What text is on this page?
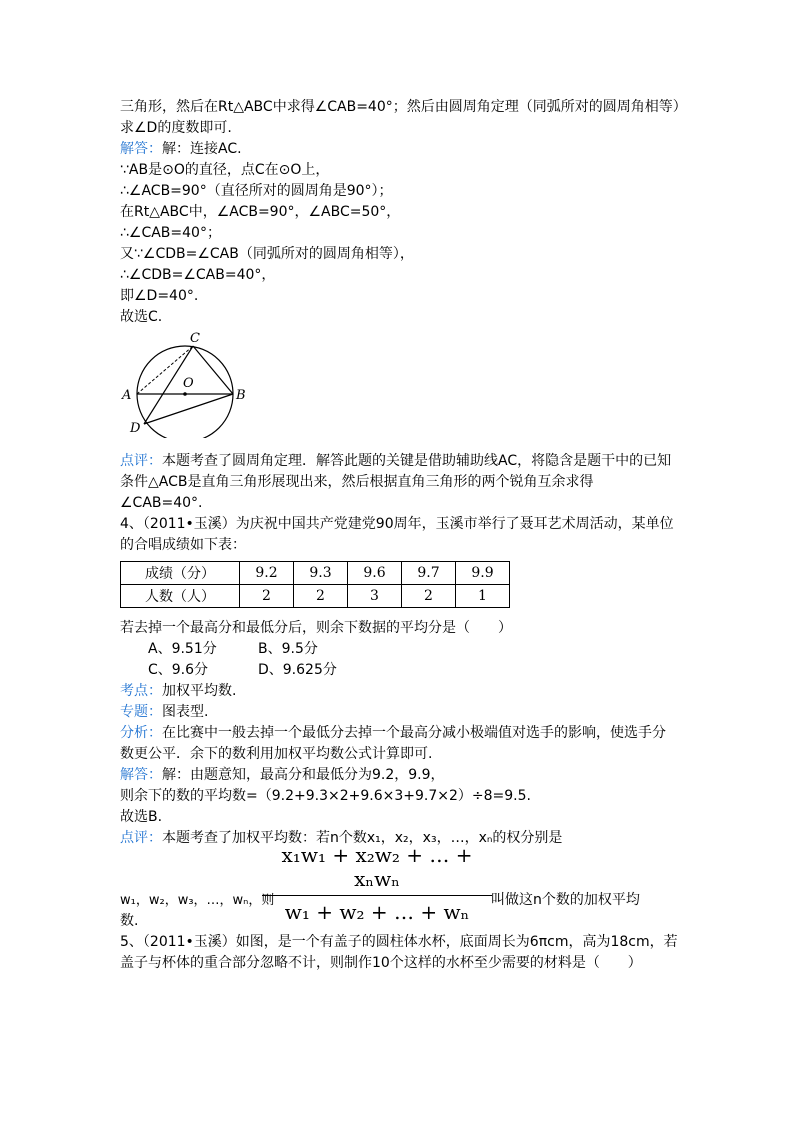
三角形，然后在Rt△ABC中求得∠CAB=40°；然后由圆周角定理（同弧所对的圆周角相等）
求∠D的度数即可.
解答：解：连接AC.
∵AB是⊙O的直径，点C在⊙O上，
∴∠ACB=90°（直径所对的圆周角是90°）；
在Rt△ABC中，∠ACB=90°，∠ABC=50°，
∴∠CAB=40°；
又∵∠CDB=∠CAB（同弧所对的圆周角相等），
∴∠CDB=∠CAB=40°，
即∠D=40°.
故选C.
C
A	B
O
D
点评：本题考查了圆周角定理．解答此题的关键是借助辅助线AC，将隐含是题干中的已知
条件△ACB是直角三角形展现出来，然后根据直角三角形的两个锐角互余求得
∠CAB=40°.
4、（2011•玉溪）为庆祝中国共产党建党90周年，玉溪市举行了聂耳艺术周活动，某单位
的合唱成绩如下表：
成绩（分）	9.2	9.3	9.6	9.7	9.9
人数（人）	2	2	3	2	1
若去掉一个最高分和最低分后，则余下数据的平均分是（　　）
A、9.51分	B、9.5分
C、9.6分	D、9.625分
考点：加权平均数.
专题：图表型.
分析：在比赛中一般去掉一个最低分去掉一个最高分减小极端值对选手的影响，使选手分
数更公平．余下的数利用加权平均数公式计算即可.
解答：解：由题意知，最高分和最低分为9.2，9.9，
则余下的数的平均数=（9.2+9.3×2+9.6×3+9.7×2）÷8=9.5.
故选B.
点评：本题考查了加权平均数：若n个数x₁，x₂，x₃，…，xₙ的权分别是
x₁w₁ + x₂w₂ + … + xₙwₙ
w₁ + w₂ + … + wₙ
w₁，w₂，w₃，…，wₙ，则	叫做这n个数的加权平均
数.
5、（2011•玉溪）如图，是一个有盖子的圆柱体水杯，底面周长为6πcm，高为18cm，若
盖子与杯体的重合部分忽略不计，则制作10个这样的水杯至少需要的材料是（　　）
